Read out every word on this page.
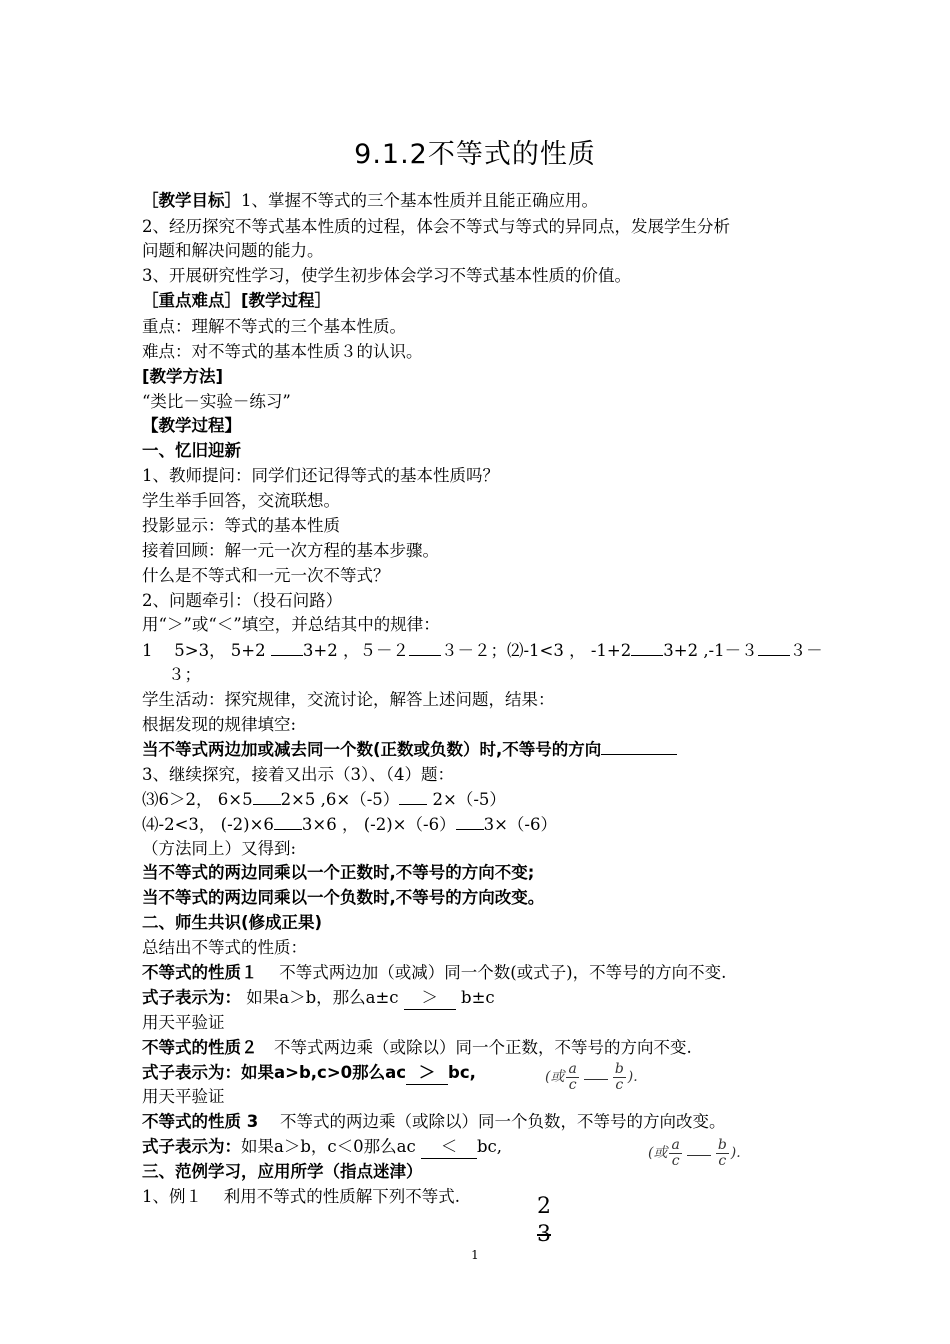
9.1.2不等式的性质
［教学目标］1、掌握不等式的三个基本性质并且能正确应用。
2、经历探究不等式基本性质的过程，体会不等式与等式的异同点，发展学生分析
问题和解决问题的能力。
3、开展研究性学习，使学生初步体会学习不等式基本性质的价值。
［重点难点］[教学过程］
重点：理解不等式的三个基本性质。
难点：对不等式的基本性质３的认识。
[教学方法]
“类比－实验－练习”
【教学过程】
一、忆旧迎新
1、教师提问：同学们还记得等式的基本性质吗？
学生举手回答，交流联想。
投影显示：等式的基本性质
接着回顾：解一元一次方程的基本步骤。
什么是不等式和一元一次不等式？
2、问题牵引：（投石问路）
用“＞”或“＜”填空，并总结其中的规律：
1　 5>3， 5+2 3+2 ，５－２ ３－２；⑵-1<3 ， -1+2 3+2 ,-1－３ ３－
３；
学生活动：探究规律，交流讨论，解答上述问题，结果：
根据发现的规律填空:
当不等式两边加或减去同一个数(正数或负数）时,不等号的方向
3、继续探究，接着又出示（3）、（4）题：
⑶6＞2， 6×5 2×5 ,6×（-5） 2×（-5）
⑷-2<3， (-2)×6 3×6 ， (-2)×（-6） 3×（-6）
（方法同上）又得到:
当不等式的两边同乘以一个正数时,不等号的方向不变;
当不等式的两边同乘以一个负数时,不等号的方向改变。
二、师生共识(修成正果)
总结出不等式的性质：
不等式的性质１　 不等式两边加（或减）同一个数(或式子)，不等号的方向不变.
式子表示为： 如果a＞b，那么a±c ＞ b±c
用天平验证
不等式的性质２　不等式两边乘（或除以）同一个正数，不等号的方向不变.
式子表示为：如果a>b,c>0那么ac ＞ bc,
用天平验证
(或 $\frac{a}{c} \frac{b}{c}$ ).
不等式的性质 3　 不等式的两边乘（或除以）同一个负数，不等号的方向改变。
式子表示为：如果a＞b，c＜0那么ac ＜ bc,	(或 $\frac{a}{c} \frac{b}{c}$ ).
三、范例学习，应用所学（指点迷津）
1、例１　 利用不等式的性质解下列不等式.	2
3
1
